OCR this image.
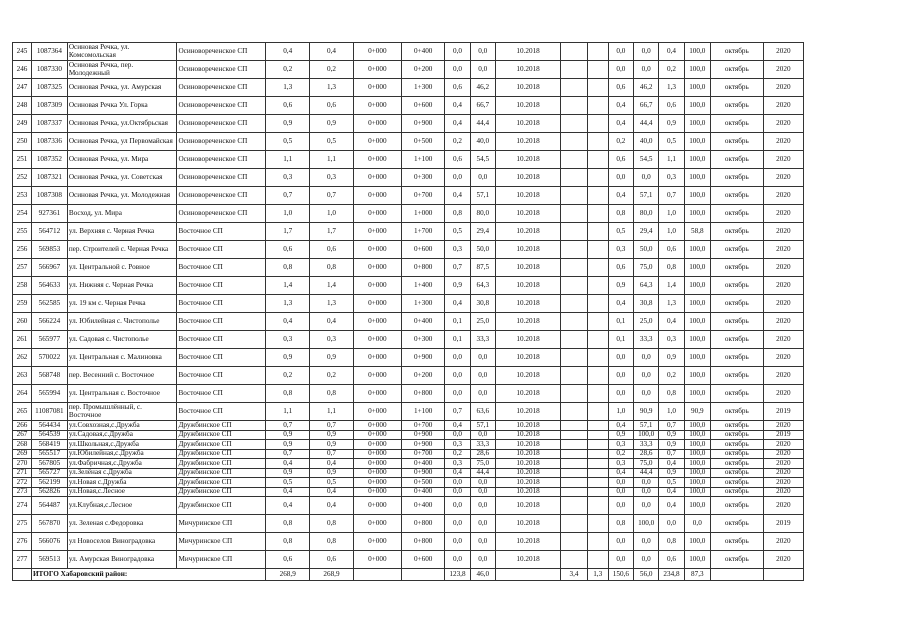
245	1087364	Осиновая Речка, ул. Комсомольская	Осиновореченское СП	0,4	0,4	0+000	0+400	0,0	0,0	10.2018			0,0	0,0	0,4	100,0	октябрь	2020
246	1087330	Осиновая Речка, пер. Молодежный	Осиновореченское СП	0,2	0,2	0+000	0+200	0,0	0,0	10.2018			0,0	0,0	0,2	100,0	октябрь	2020
247	1087325	Осиновая Речка, ул. Амурская	Осиновореченское СП	1,3	1,3	0+000	1+300	0,6	46,2	10.2018			0,6	46,2	1,3	100,0	октябрь	2020
248	1087309	Осиновая Речка Ул. Горка	Осиновореченское СП	0,6	0,6	0+000	0+600	0,4	66,7	10.2018			0,4	66,7	0,6	100,0	октябрь	2020
249	1087337	Осиновая Речка, ул.Октябрьская	Осиновореченское СП	0,9	0,9	0+000	0+900	0,4	44,4	10.2018			0,4	44,4	0,9	100,0	октябрь	2020
250	1087336	Осиновая Речка, ул Первомайская	Осиновореченское СП	0,5	0,5	0+000	0+500	0,2	40,0	10.2018			0,2	40,0	0,5	100,0	октябрь	2020
251	1087352	Осиновая Речка, ул. Мира	Осиновореченское СП	1,1	1,1	0+000	1+100	0,6	54,5	10.2018			0,6	54,5	1,1	100,0	октябрь	2020
252	1087321	Осиновая Речка, ул. Советская	Осиновореченское СП	0,3	0,3	0+000	0+300	0,0	0,0	10.2018			0,0	0,0	0,3	100,0	октябрь	2020
253	1087308	Осиновая Речка, ул. Молодежная	Осиновореченское СП	0,7	0,7	0+000	0+700	0,4	57,1	10.2018			0,4	57,1	0,7	100,0	октябрь	2020
254	927361	Восход, ул. Мира	Осиновореченское СП	1,0	1,0	0+000	1+000	0,8	80,0	10.2018			0,8	80,0	1,0	100,0	октябрь	2020
255	564712	ул. Верхняя с. Черная Речка	Восточное СП	1,7	1,7	0+000	1+700	0,5	29,4	10.2018			0,5	29,4	1,0	58,8	октябрь	2020
256	569853	пер. Строителей с. Черная Речка	Восточное СП	0,6	0,6	0+000	0+600	0,3	50,0	10.2018			0,3	50,0	0,6	100,0	октябрь	2020
257	566967	ул. Центральной с. Ровное	Восточное СП	0,8	0,8	0+000	0+800	0,7	87,5	10.2018			0,6	75,0	0,8	100,0	октябрь	2020
258	564633	ул. Нижняя с. Черная Речка	Восточное СП	1,4	1,4	0+000	1+400	0,9	64,3	10.2018			0,9	64,3	1,4	100,0	октябрь	2020
259	562585	ул. 19 км с. Черная Речка	Восточное СП	1,3	1,3	0+000	1+300	0,4	30,8	10.2018			0,4	30,8	1,3	100,0	октябрь	2020
260	566224	ул. Юбилейная с. Чистополье	Восточное СП	0,4	0,4	0+000	0+400	0,1	25,0	10.2018			0,1	25,0	0,4	100,0	октябрь	2020
261	565977	ул. Садовая с. Чистополье	Восточное СП	0,3	0,3	0+000	0+300	0,1	33,3	10.2018			0,1	33,3	0,3	100,0	октябрь	2020
262	570022	ул. Центральная с. Малиновка	Восточное СП	0,9	0,9	0+000	0+900	0,0	0,0	10.2018			0,0	0,0	0,9	100,0	октябрь	2020
263	568748	пер. Весенний с. Восточное	Восточное СП	0,2	0,2	0+000	0+200	0,0	0,0	10.2018			0,0	0,0	0,2	100,0	октябрь	2020
264	565994	ул. Центральная с. Восточное	Восточное СП	0,8	0,8	0+000	0+800	0,0	0,0	10.2018			0,0	0,0	0,8	100,0	октябрь	2020
265	11087081	пер. Промышлённый, с. Восточное	Восточное СП	1,1	1,1	0+000	1+100	0,7	63,6	10.2018			1,0	90,9	1,0	90,9	октябрь	2019
266	564434	ул.Совхозная,с.Дружба	Дружбинское СП	0,7	0,7	0+000	0+700	0,4	57,1	10.2018			0,4	57,1	0,7	100,0	октябрь	2020
267	564539	ул.Садовая,с.Дружба	Дружбинское СП	0,9	0,9	0+000	0+900	0,0	0,0	10.2018			0,9	100,0	0,9	100,0	октябрь	2019
268	568419	ул.Школьная,с.Дружба	Дружбинское СП	0,9	0,9	0+000	0+900	0,3	33,3	10.2018			0,3	33,3	0,9	100,0	октябрь	2020
269	565517	ул.Юбилейная,с.Дружба	Дружбинское СП	0,7	0,7	0+000	0+700	0,2	28,6	10.2018			0,2	28,6	0,7	100,0	октябрь	2020
270	567805	ул.Фабричная,с.Дружба	Дружбинское СП	0,4	0,4	0+000	0+400	0,3	75,0	10.2018			0,3	75,0	0,4	100,0	октябрь	2020
271	565727	ул.Зелёная с.Дружба	Дружбинское СП	0,9	0,9	0+000	0+900	0,4	44,4	10.2018			0,4	44,4	0,9	100,0	октябрь	2020
272	562199	ул.Новая с.Дружба	Дружбинское СП	0,5	0,5	0+000	0+500	0,0	0,0	10.2018			0,0	0,0	0,5	100,0	октябрь	2020
273	562826	ул.Новая,с.Лесное	Дружбинское СП	0,4	0,4	0+000	0+400	0,0	0,0	10.2018			0,0	0,0	0,4	100,0	октябрь	2020
274	564487	ул.Клубная,с.Лесное	Дружбинское СП	0,4	0,4	0+000	0+400	0,0	0,0	10.2018			0,0	0,0	0,4	100,0	октябрь	2020
275	567870	ул. Зеленая с.Федоровка	Мичуринское СП	0,8	0,8	0+000	0+800	0,0	0,0	10.2018			0,8	100,0	0,0	0,0	октябрь	2019
276	566076	ул Новоселов Виноградовка	Мичуринское СП	0,8	0,8	0+000	0+800	0,0	0,0	10.2018			0,0	0,0	0,8	100,0	октябрь	2020
277	569513	ул. Амурская Виноградовка	Мичуринское СП	0,6	0,6	0+000	0+600	0,0	0,0	10.2018			0,0	0,0	0,6	100,0	октябрь	2020
	ИТОГО Хабаровский район:			268,9	268,9			123,8	46,0		3,4	1,3	150,6	56,0	234,8	87,3		
